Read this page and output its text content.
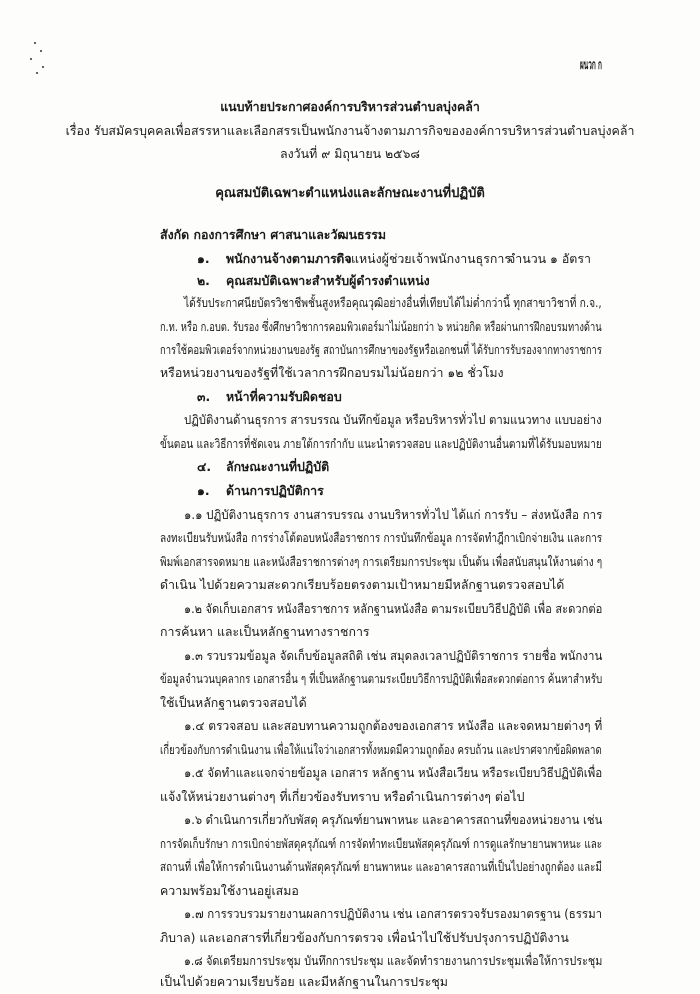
ผนวก ก
แนบท้ายประกาศองค์การบริหารส่วนตำบลบุ่งคล้า
เรื่อง รับสมัครบุคคลเพื่อสรรหาและเลือกสรรเป็นพนักงานจ้างตามภารกิจขององค์การบริหารส่วนตำบลบุ่งคล้า
ลงวันที่ ๙ มิถุนายน ๒๕๖๘
คุณสมบัติเฉพาะตำแหน่งและลักษณะงานที่ปฏิบัติ
สังกัด กองการศึกษา ศาสนาและวัฒนธรรม
๑. พนักงานจ้างตามภารกิจ
ตำแหน่งผู้ช่วยเจ้าพนักงานธุรการ
จำนวน ๑ อัตรา
๒. คุณสมบัติเฉพาะสำหรับผู้ดำรงตำแหน่ง
ได้รับประกาศนียบัตรวิชาชีพชั้นสูงหรือคุณวุฒิอย่างอื่นที่เทียบได้ไม่ต่ำกว่านี้ ทุกสาขาวิชาที่ ก.จ.,
ก.ท. หรือ ก.อบต. รับรอง ซึ่งศึกษาวิชาการคอมพิวเตอร์มาไม่น้อยกว่า ๖ หน่วยกิต หรือผ่านการฝึกอบรมทางด้าน
การใช้คอมพิวเตอร์จากหน่วยงานของรัฐ สถาบันการศึกษาของรัฐหรือเอกชนที่ ได้รับการรับรองจากทางราชการ
หรือหน่วยงานของรัฐที่ใช้เวลาการฝึกอบรมไม่น้อยกว่า ๑๒ ชั่วโมง
๓. หน้าที่ความรับผิดชอบ
ปฏิบัติงานด้านธุรการ สารบรรณ บันทึกข้อมูล หรือบริหารทั่วไป ตามแนวทาง แบบอย่าง
ขั้นตอน และวิธีการที่ชัดเจน ภายใต้การกำกับ แนะนำตรวจสอบ และปฏิบัติงานอื่นตามที่ได้รับมอบหมาย
๔. ลักษณะงานที่ปฏิบัติ
๑. ด้านการปฏิบัติการ
๑.๑ ปฏิบัติงานธุรการ งานสารบรรณ งานบริหารทั่วไป ได้แก่ การรับ – ส่งหนังสือ การ
ลงทะเบียนรับหนังสือ การร่างโต้ตอบหนังสือราชการ การบันทึกข้อมูล การจัดทำฎีกาเบิกจ่ายเงิน และการ
พิมพ์เอกสารจดหมาย และหนังสือราชการต่างๆ การเตรียมการประชุม เป็นต้น เพื่อสนับสนุนให้งานต่าง ๆ
ดำเนิน ไปด้วยความสะดวกเรียบร้อยตรงตามเป้าหมายมีหลักฐานตรวจสอบได้
๑.๒ จัดเก็บเอกสาร หนังสือราชการ หลักฐานหนังสือ ตามระเบียบวิธีปฏิบัติ เพื่อ สะดวกต่อ
การค้นหา และเป็นหลักฐานทางราชการ
๑.๓ รวบรวมข้อมูล จัดเก็บข้อมูลสถิติ เช่น สมุดลงเวลาปฏิบัติราชการ รายชื่อ พนักงาน
ข้อมูลจำนวนบุคลากร เอกสารอื่น ๆ ที่เป็นหลักฐานตามระเบียบวิธีการปฏิบัติเพื่อสะดวกต่อการ ค้นหาสำหรับ
ใช้เป็นหลักฐานตรวจสอบได้
๑.๔ ตรวจสอบ และสอบทานความถูกต้องของเอกสาร หนังสือ และจดหมายต่างๆ ที่
เกี่ยวข้องกับการดำเนินงาน เพื่อให้แน่ใจว่าเอกสารทั้งหมดมีความถูกต้อง ครบถ้วน และปราศจากข้อผิดพลาด
๑.๕ จัดทำและแจกจ่ายข้อมูล เอกสาร หลักฐาน หนังสือเวียน หรือระเบียบวิธีปฏิบัติเพื่อ
แจ้งให้หน่วยงานต่างๆ ที่เกี่ยวข้องรับทราบ หรือดำเนินการต่างๆ ต่อไป
๑.๖ ดำเนินการเกี่ยวกับพัสดุ ครุภัณฑ์ยานพาหนะ และอาคารสถานที่ของหน่วยงาน เช่น
การจัดเก็บรักษา การเบิกจ่ายพัสดุครุภัณฑ์ การจัดทำทะเบียนพัสดุครุภัณฑ์ การดูแลรักษายานพาหนะ และ
สถานที่ เพื่อให้การดำเนินงานด้านพัสดุครุภัณฑ์ ยานพาหนะ และอาคารสถานที่เป็นไปอย่างถูกต้อง และมี
ความพร้อมใช้งานอยู่เสมอ
๑.๗ การรวบรวมรายงานผลการปฏิบัติงาน เช่น เอกสารตรวจรับรองมาตรฐาน (ธรรมา
ภิบาล) และเอกสารที่เกี่ยวข้องกับการตรวจ เพื่อนำไปใช้ปรับปรุงการปฏิบัติงาน
๑.๘ จัดเตรียมการประชุม บันทึกการประชุม และจัดทำรายงานการประชุมเพื่อให้การประชุม
เป็นไปด้วยความเรียบร้อย และมีหลักฐานในการประชุม
